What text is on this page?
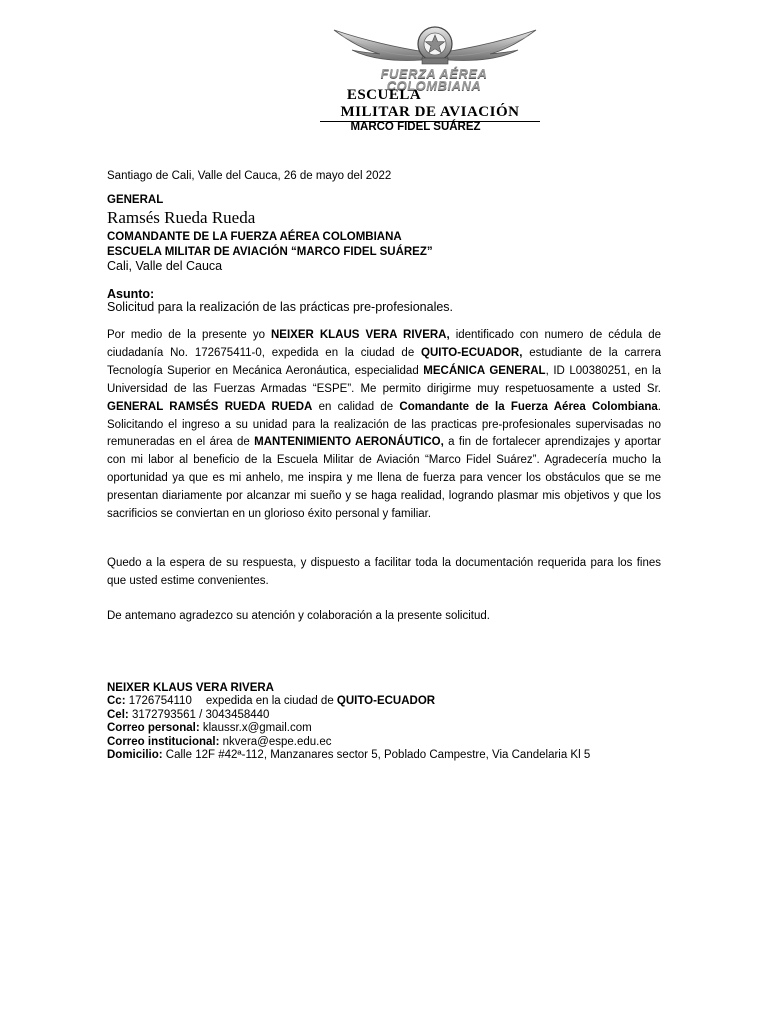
FUERZA AÉREA
COLOMBIANA
ESCUELA
MILITAR DE AVIACIÓN
MARCO FIDEL SUÁREZ
Santiago de Cali, Valle del Cauca, 26 de mayo del 2022
GENERAL
Ramsés Rueda Rueda
COMANDANTE DE LA FUERZA AÉREA COLOMBIANA
ESCUELA MILITAR DE AVIACIÓN “MARCO FIDEL SUÁREZ”
Cali, Valle del Cauca
Asunto:
Solicitud para la realización de las prácticas pre-profesionales.
Por medio de la presente yo NEIXER KLAUS VERA RIVERA, identificado con numero de cédula de ciudadanía No. 172675411-0, expedida en la ciudad de QUITO-ECUADOR, estudiante de la carrera Tecnología Superior en Mecánica Aeronáutica, especialidad MECÁNICA GENERAL, ID L00380251, en la Universidad de las Fuerzas Armadas “ESPE”. Me permito dirigirme muy respetuosamente a usted Sr. GENERAL RAMSÉS RUEDA RUEDA en calidad de Comandante de la Fuerza Aérea Colombiana. Solicitando el ingreso a su unidad para la realización de las practicas pre-profesionales supervisadas no remuneradas en el área de MANTENIMIENTO AERONÁUTICO, a fin de fortalecer aprendizajes y aportar con mi labor al beneficio de la Escuela Militar de Aviación “Marco Fidel Suárez”. Agradecería mucho la oportunidad ya que es mi anhelo, me inspira y me llena de fuerza para vencer los obstáculos que se me presentan diariamente por alcanzar mi sueño y se haga realidad, logrando plasmar mis objetivos y que los sacrificios se conviertan en un glorioso éxito personal y familiar.
Quedo a la espera de su respuesta, y dispuesto a facilitar toda la documentación requerida para los fines que usted estime convenientes.
De antemano agradezco su atención y colaboración a la presente solicitud.
NEIXER KLAUS VERA RIVERA
Cc: 1726754110 expedida en la ciudad de QUITO-ECUADOR
Cel: 3172793561 / 3043458440
Correo personal: klaussr.x@gmail.com
Correo institucional: nkvera@espe.edu.ec
Domicilio: Calle 12F #42ª-112, Manzanares sector 5, Poblado Campestre, Via Candelaria Kl 5
